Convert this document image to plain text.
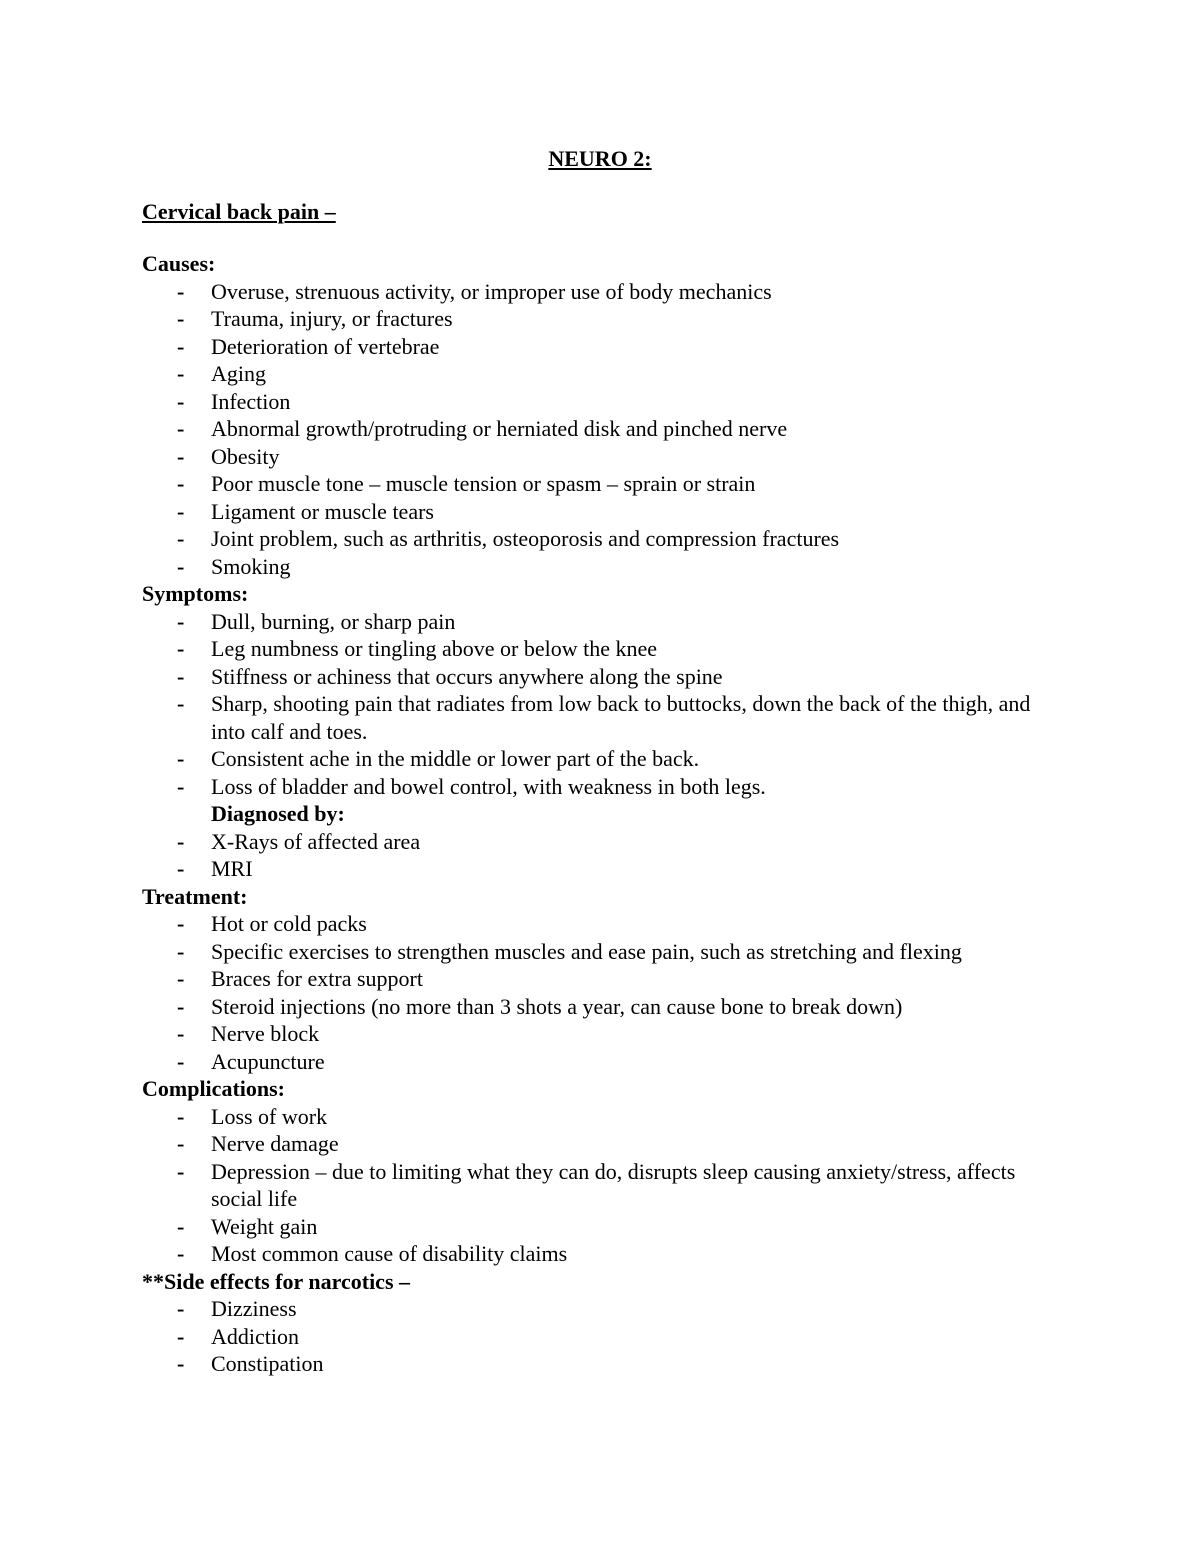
NEURO 2:
Cervical back pain –
Causes:
- Overuse, strenuous activity, or improper use of body mechanics
- Trauma, injury, or fractures
- Deterioration of vertebrae
- Aging
- Infection
- Abnormal growth/protruding or herniated disk and pinched nerve
- Obesity
- Poor muscle tone – muscle tension or spasm – sprain or strain
- Ligament or muscle tears
- Joint problem, such as arthritis, osteoporosis and compression fractures
- Smoking
Symptoms:
- Dull, burning, or sharp pain
- Leg numbness or tingling above or below the knee
- Stiffness or achiness that occurs anywhere along the spine
- Sharp, shooting pain that radiates from low back to buttocks, down the back of the thigh, and into calf and toes.
- Consistent ache in the middle or lower part of the back.
- Loss of bladder and bowel control, with weakness in both legs.
Diagnosed by:
- X-Rays of affected area
- MRI
Treatment:
- Hot or cold packs
- Specific exercises to strengthen muscles and ease pain, such as stretching and flexing
- Braces for extra support
- Steroid injections (no more than 3 shots a year, can cause bone to break down)
- Nerve block
- Acupuncture
Complications:
- Loss of work
- Nerve damage
- Depression – due to limiting what they can do, disrupts sleep causing anxiety/stress, affects social life
- Weight gain
- Most common cause of disability claims
**Side effects for narcotics –
- Dizziness
- Addiction
- Constipation
